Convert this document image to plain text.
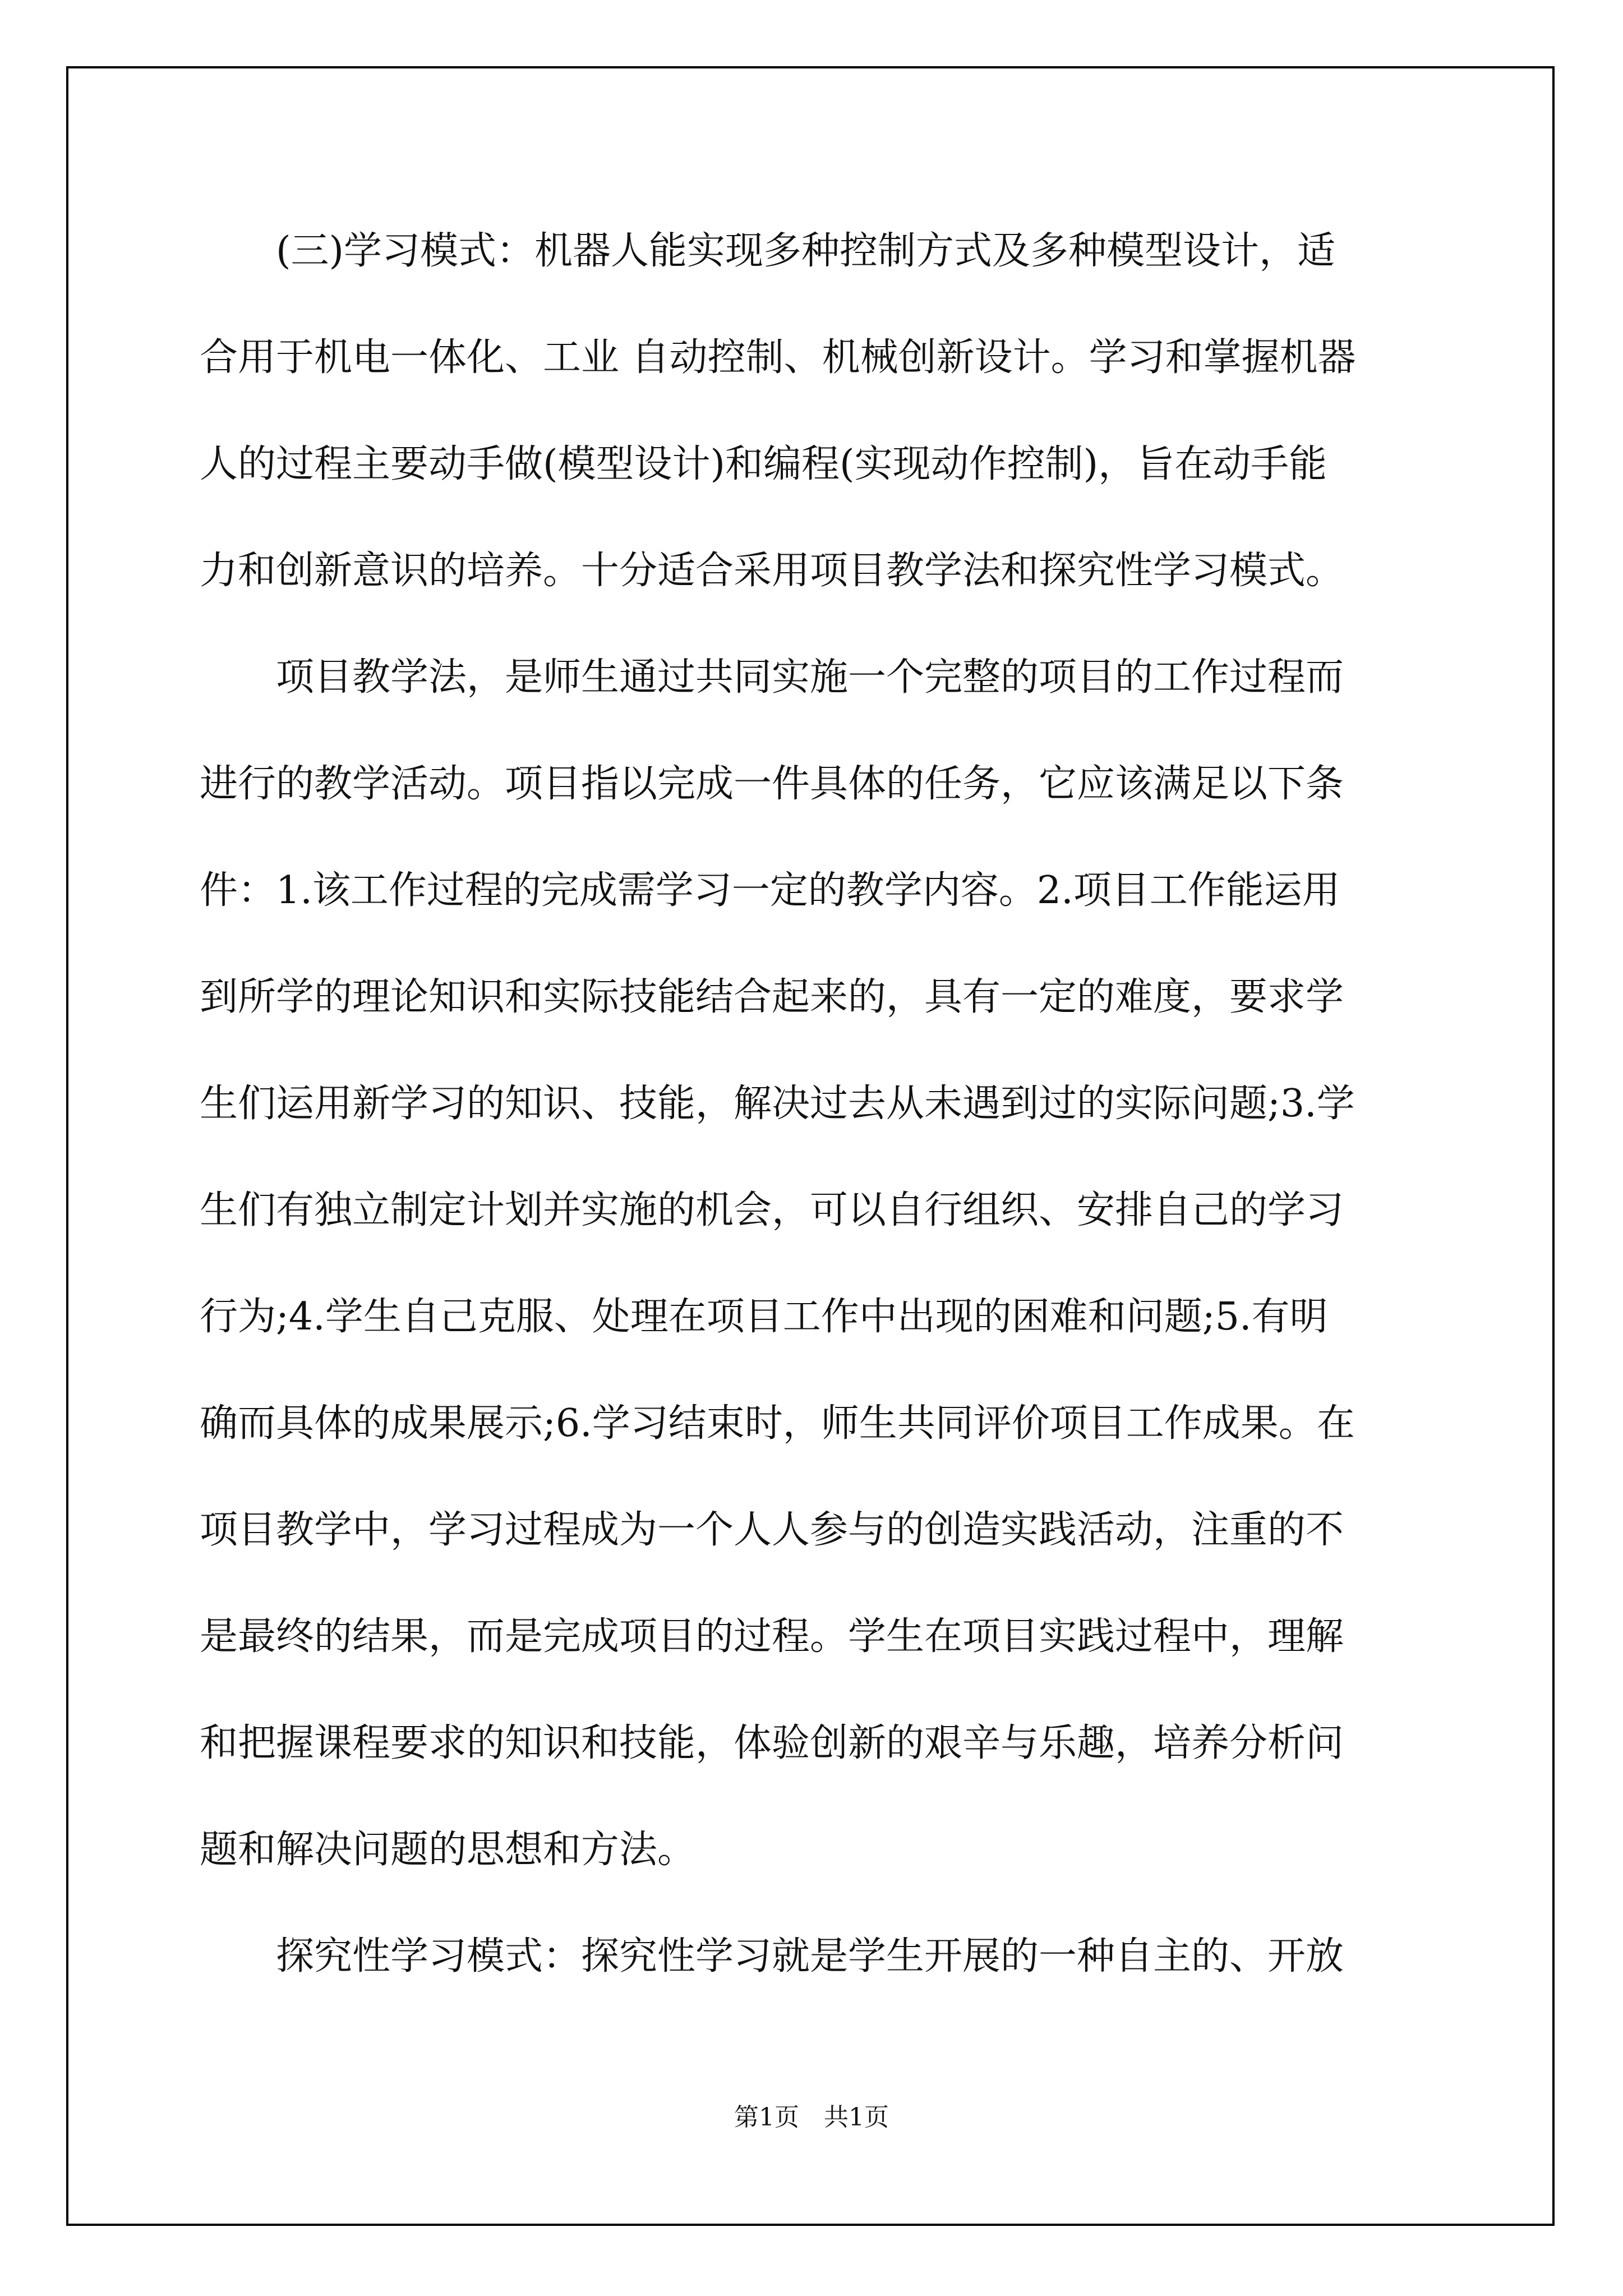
　　(三)学习模式：机器人能实现多种控制方式及多种模型设计，适
合用于机电一体化、工业 自动控制、机械创新设计。学习和掌握机器
人的过程主要动手做(模型设计)和编程(实现动作控制)，旨在动手能
力和创新意识的培养。十分适合采用项目教学法和探究性学习模式。
　　项目教学法，是师生通过共同实施一个完整的项目的工作过程而
进行的教学活动。项目指以完成一件具体的任务，它应该满足以下条
件：1.该工作过程的完成需学习一定的教学内容。2.项目工作能运用
到所学的理论知识和实际技能结合起来的，具有一定的难度，要求学
生们运用新学习的知识、技能，解决过去从未遇到过的实际问题;3.学
生们有独立制定计划并实施的机会，可以自行组织、安排自己的学习
行为;4.学生自己克服、处理在项目工作中出现的困难和问题;5.有明
确而具体的成果展示;6.学习结束时，师生共同评价项目工作成果。在
项目教学中，学习过程成为一个人人参与的创造实践活动，注重的不
是最终的结果，而是完成项目的过程。学生在项目实践过程中，理解
和把握课程要求的知识和技能，体验创新的艰辛与乐趣，培养分析问
题和解决问题的思想和方法。
　　探究性学习模式：探究性学习就是学生开展的一种自主的、开放
第1页　共1页
